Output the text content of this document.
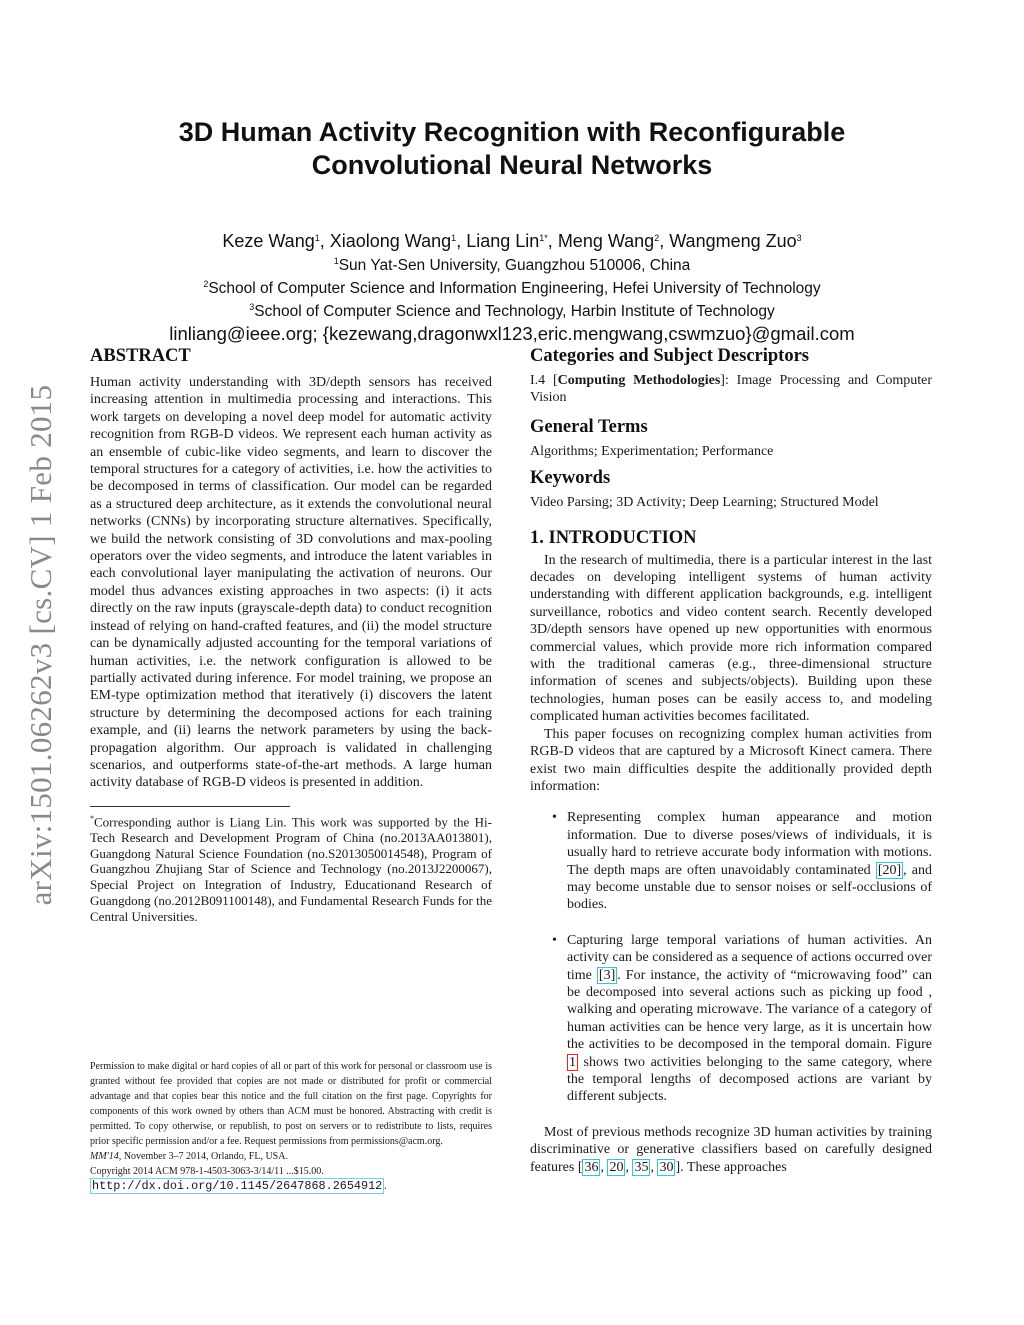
3D Human Activity Recognition with Reconfigurable
Convolutional Neural Networks
Keze Wang$^1$, Xiaolong Wang$^1$, Liang Lin$^{1*}$, Meng Wang$^2$, Wangmeng Zuo$^3$
$^1$Sun Yat-Sen University, Guangzhou 510006, China
$^2$School of Computer Science and Information Engineering, Hefei University of Technology
$^3$School of Computer Science and Technology, Harbin Institute of Technology
linliang@ieee.org; {kezewang,dragonwxl123,eric.mengwang,cswmzuo}@gmail.com
arXiv:1501.06262v3 [cs.CV] 1 Feb 2015
ABSTRACT

Human activity understanding with 3D/depth sensors has received increasing attention in multimedia processing and interactions. This work targets on developing a novel deep model for automatic activity recognition from RGB-D videos. We represent each human activity as an ensemble of cubic-like video segments, and learn to discover the temporal structures for a category of activities, i.e. how the activities to be decomposed in terms of classification. Our model can be regarded as a structured deep architecture, as it extends the convolutional neural networks (CNNs) by incorporating structure alternatives. Specifically, we build the network consisting of 3D convolutions and max-pooling operators over the video segments, and introduce the latent variables in each convolutional layer manipulating the activation of neurons. Our model thus advances existing approaches in two aspects: (i) it acts directly on the raw inputs (grayscale-depth data) to conduct recognition instead of relying on hand-crafted features, and (ii) the model structure can be dynamically adjusted accounting for the temporal variations of human activities, i.e. the network configuration is allowed to be partially activated during inference. For model training, we propose an EM-type optimization method that iteratively (i) discovers the latent structure by determining the decomposed actions for each training example, and (ii) learns the network parameters by using the back-propagation algorithm. Our approach is validated in challenging scenarios, and outperforms state-of-the-art methods. A large human activity database of RGB-D videos is presented in addition.

*Corresponding author is Liang Lin. This work was supported by the Hi-Tech Research and Development Program of China (no.2013AA013801), Guangdong Natural Science Foundation (no.S2013050014548), Program of Guangzhou Zhujiang Star of Science and Technology (no.2013J2200067), Special Project on Integration of Industry, Educationand Research of Guangdong (no.2012B091100148), and Fundamental Research Funds for the Central Universities.

Permission to make digital or hard copies of all or part of this work for personal or classroom use is granted without fee provided that copies are not made or distributed for profit or commercial advantage and that copies bear this notice and the full citation on the first page. Copyrights for components of this work owned by others than ACM must be honored. Abstracting with credit is permitted. To copy otherwise, or republish, to post on servers or to redistribute to lists, requires prior specific permission and/or a fee. Request permissions from permissions@acm.org.

MM'14, November 3–7 2014, Orlando, FL, USA.

Copyright 2014 ACM 978-1-4503-3063-3/14/11 ...$15.00.

http://dx.doi.org/10.1145/2647868.2654912 .

Categories and Subject Descriptors

I.4 [Computing Methodologies]: Image Processing and Computer Vision

General Terms

Algorithms; Experimentation; Performance

Keywords

Video Parsing; 3D Activity; Deep Learning; Structured Model

1. INTRODUCTION

In the research of multimedia, there is a particular interest in the last decades on developing intelligent systems of human activity understanding with different application backgrounds, e.g. intelligent surveillance, robotics and video content search. Recently developed 3D/depth sensors have opened up new opportunities with enormous commercial values, which provide more rich information compared with the traditional cameras (e.g., three-dimensional structure information of scenes and subjects/objects). Building upon these technologies, human poses can be easily access to, and modeling complicated human activities becomes facilitated.

This paper focuses on recognizing complex human activities from RGB-D videos that are captured by a Microsoft Kinect camera. There exist two main difficulties despite the additionally provided depth information:

• Representing complex human appearance and motion information. Due to diverse poses/views of individuals, it is usually hard to retrieve accurate body information with motions. The depth maps are often unavoidably contaminated [20] , and may become unstable due to sensor noises or self-occlusions of bodies.

• Capturing large temporal variations of human activities. An activity can be considered as a sequence of actions occurred over time [3] . For instance, the activity of “microwaving food” can be decomposed into several actions such as picking up food , walking and operating microwave. The variance of a category of human activities can be hence very large, as it is uncertain how the activities to be decomposed in the temporal domain. Figure 1 shows two activities belonging to the same category, where the temporal lengths of decomposed actions are variant by different subjects.

Most of previous methods recognize 3D human activities by training discriminative or generative classifiers based on carefully designed features [ 36 , 20 , 35 , 30 ]. These approaches
